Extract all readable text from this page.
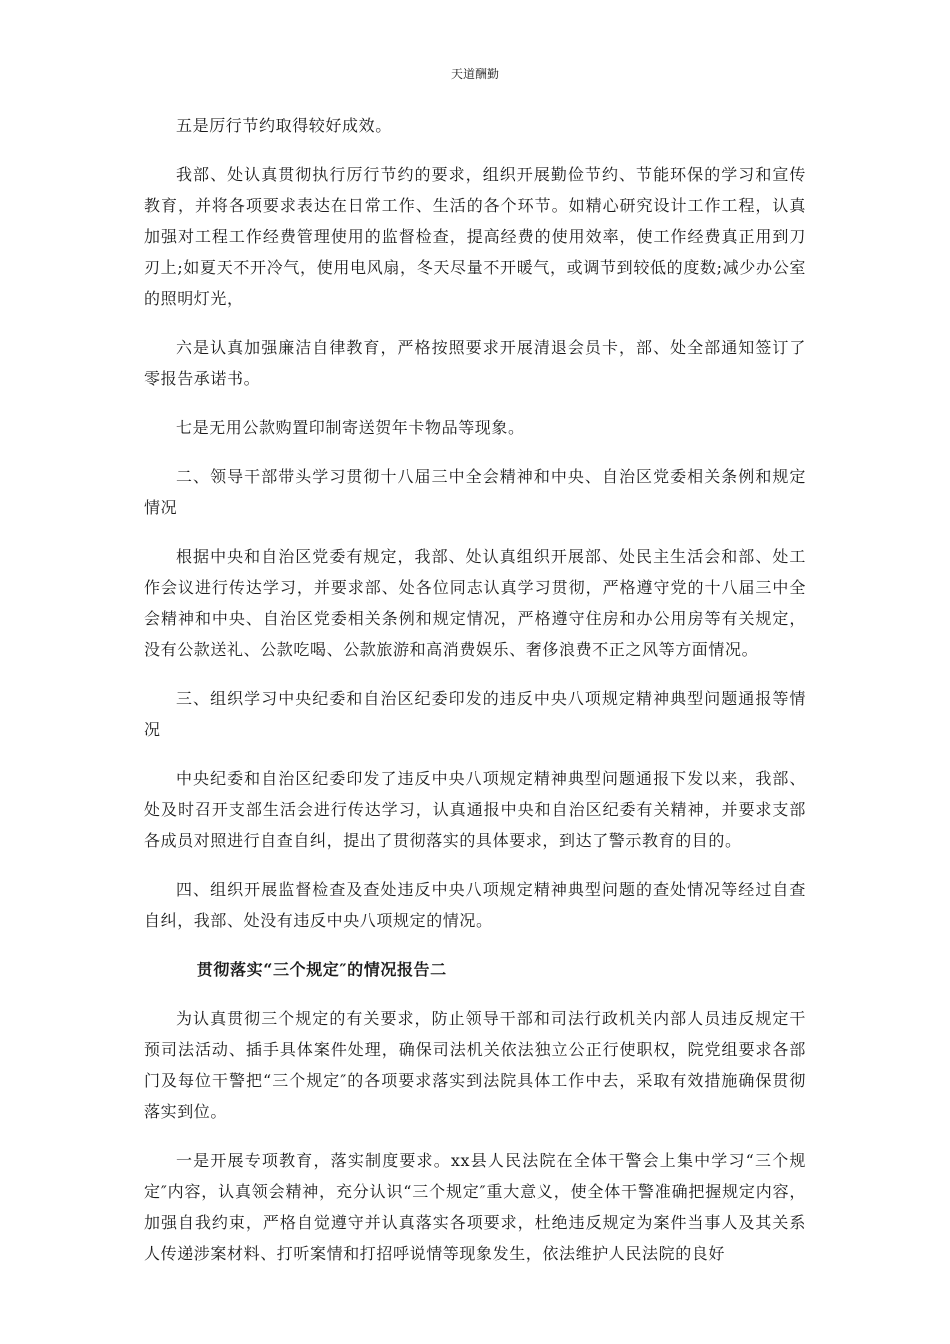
天道酬勤

五是厉行节约取得较好成效。

我部、处认真贯彻执行厉行节约的要求，组织开展勤俭节约、节能环保的学习和宣传教育，并将各项要求表达在日常工作、生活的各个环节。如精心研究设计工作工程，认真加强对工程工作经费管理使用的监督检查，提高经费的使用效率，使工作经费真正用到刀刃上;如夏天不开冷气，使用电风扇，冬天尽量不开暖气，或调节到较低的度数;减少办公室的照明灯光，

六是认真加强廉洁自律教育，严格按照要求开展清退会员卡，部、处全部通知签订了零报告承诺书。

七是无用公款购置印制寄送贺年卡物品等现象。

二、领导干部带头学习贯彻十八届三中全会精神和中央、自治区党委相关条例和规定情况

根据中央和自治区党委有规定，我部、处认真组织开展部、处民主生活会和部、处工作会议进行传达学习，并要求部、处各位同志认真学习贯彻，严格遵守党的十八届三中全会精神和中央、自治区党委相关条例和规定情况，严格遵守住房和办公用房等有关规定，没有公款送礼、公款吃喝、公款旅游和高消费娱乐、奢侈浪费不正之风等方面情况。

三、组织学习中央纪委和自治区纪委印发的违反中央八项规定精神典型问题通报等情况

中央纪委和自治区纪委印发了违反中央八项规定精神典型问题通报下发以来，我部、处及时召开支部生活会进行传达学习，认真通报中央和自治区纪委有关精神，并要求支部各成员对照进行自查自纠，提出了贯彻落实的具体要求，到达了警示教育的目的。

四、组织开展监督检查及查处违反中央八项规定精神典型问题的查处情况等经过自查自纠，我部、处没有违反中央八项规定的情况。

贯彻落实“三个规定″的情况报告二

为认真贯彻三个规定的有关要求，防止领导干部和司法行政机关内部人员违反规定干预司法活动、插手具体案件处理，确保司法机关依法独立公正行使职权，院党组要求各部门及每位干警把“三个规定″的各项要求落实到法院具体工作中去，采取有效措施确保贯彻落实到位。

一是开展专项教育，落实制度要求。xx县人民法院在全体干警会上集中学习“三个规定″内容，认真领会精神，充分认识“三个规定″重大意义，使全体干警准确把握规定内容，加强自我约束，严格自觉遵守并认真落实各项要求，杜绝违反规定为案件当事人及其关系人传递涉案材料、打听案情和打招呼说情等现象发生，依法维护人民法院的良好
